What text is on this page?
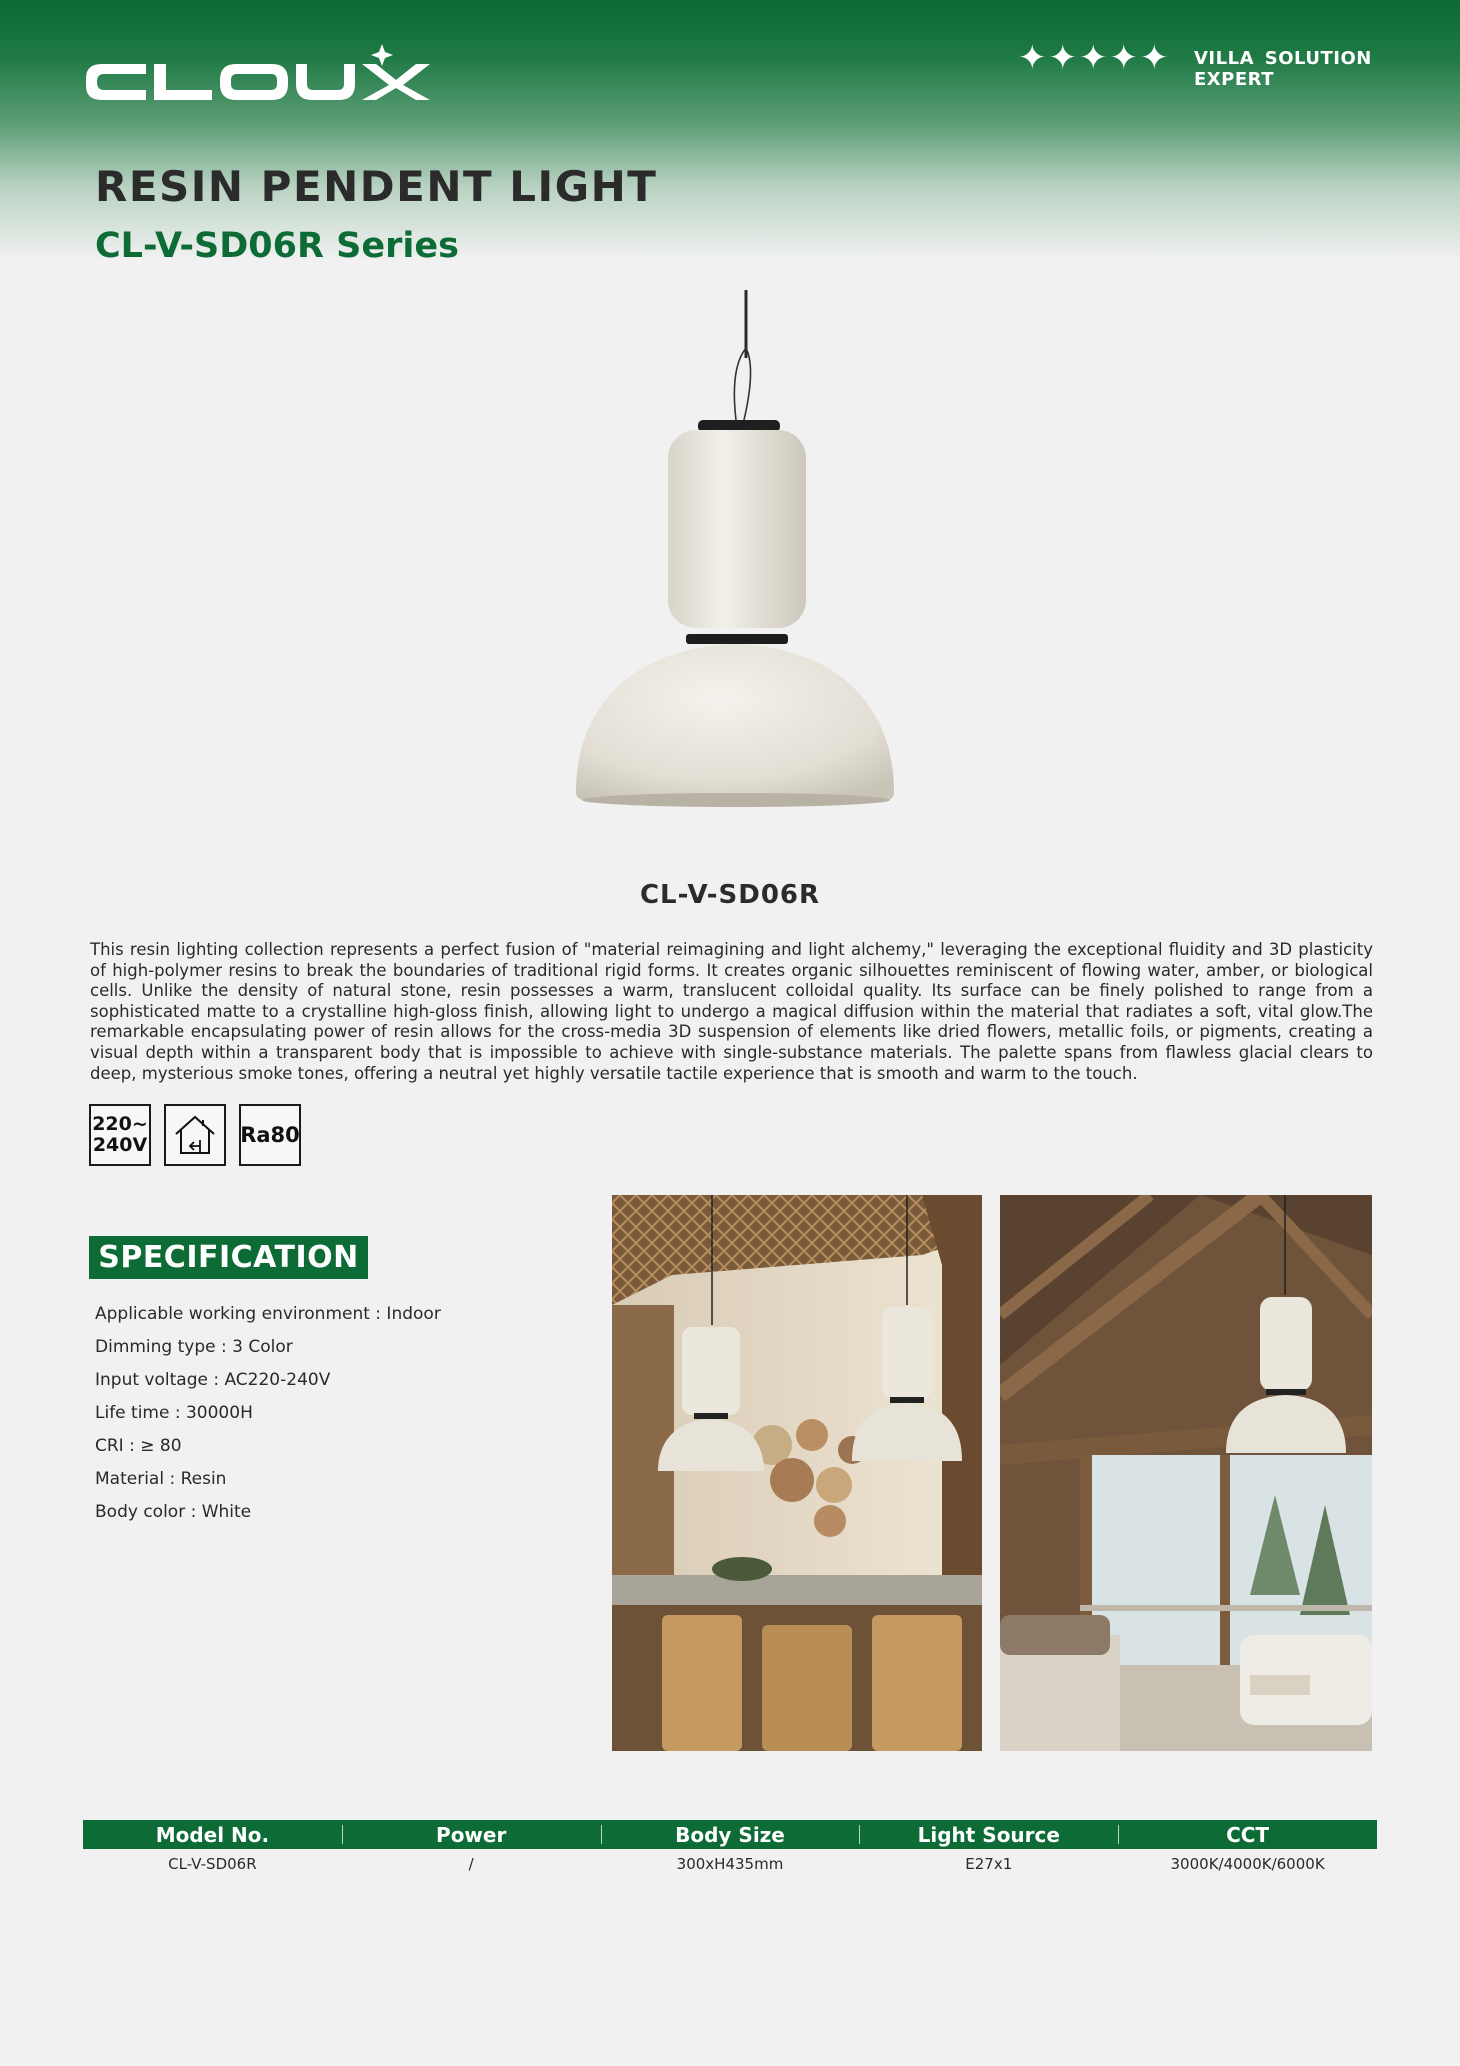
✦✦✦✦✦ VILLA SOLUTION EXPERT
RESIN PENDENT LIGHT
CL-V-SD06R Series
CL-V-SD06R

This resin lighting collection represents a perfect fusion of "material reimagining and light alchemy," leveraging the exceptional fluidity and 3D plasticity of high-polymer resins to break the boundaries of traditional rigid forms. It creates organic silhouettes reminiscent of flowing water, amber, or biological cells. Unlike the density of natural stone, resin possesses a warm, translucent colloidal quality. Its surface can be finely polished to range from a sophisticated matte to a crystalline high-gloss finish, allowing light to undergo a magical diffusion within the material that radiates a soft, vital glow.The remarkable encapsulating power of resin allows for the cross-media 3D suspension of elements like dried flowers, metallic foils, or pigments, creating a visual depth within a transparent body that is impossible to achieve with single-substance materials. The palette spans from flawless glacial clears to deep, mysterious smoke tones, offering a neutral yet highly versatile tactile experience that is smooth and warm to the touch.

220~
240V	Ra80
SPECIFICATION
Applicable working environment : Indoor
Dimming type : 3 Color
Input voltage : AC220-240V
Life time : 30000H
CRI : ≥ 80
Material : Resin
Body color : White
Model No.	Power	Body Size	Light Source	CCT
CL-V-SD06R	/	300xH435mm	E27x1	3000K/4000K/6000K
